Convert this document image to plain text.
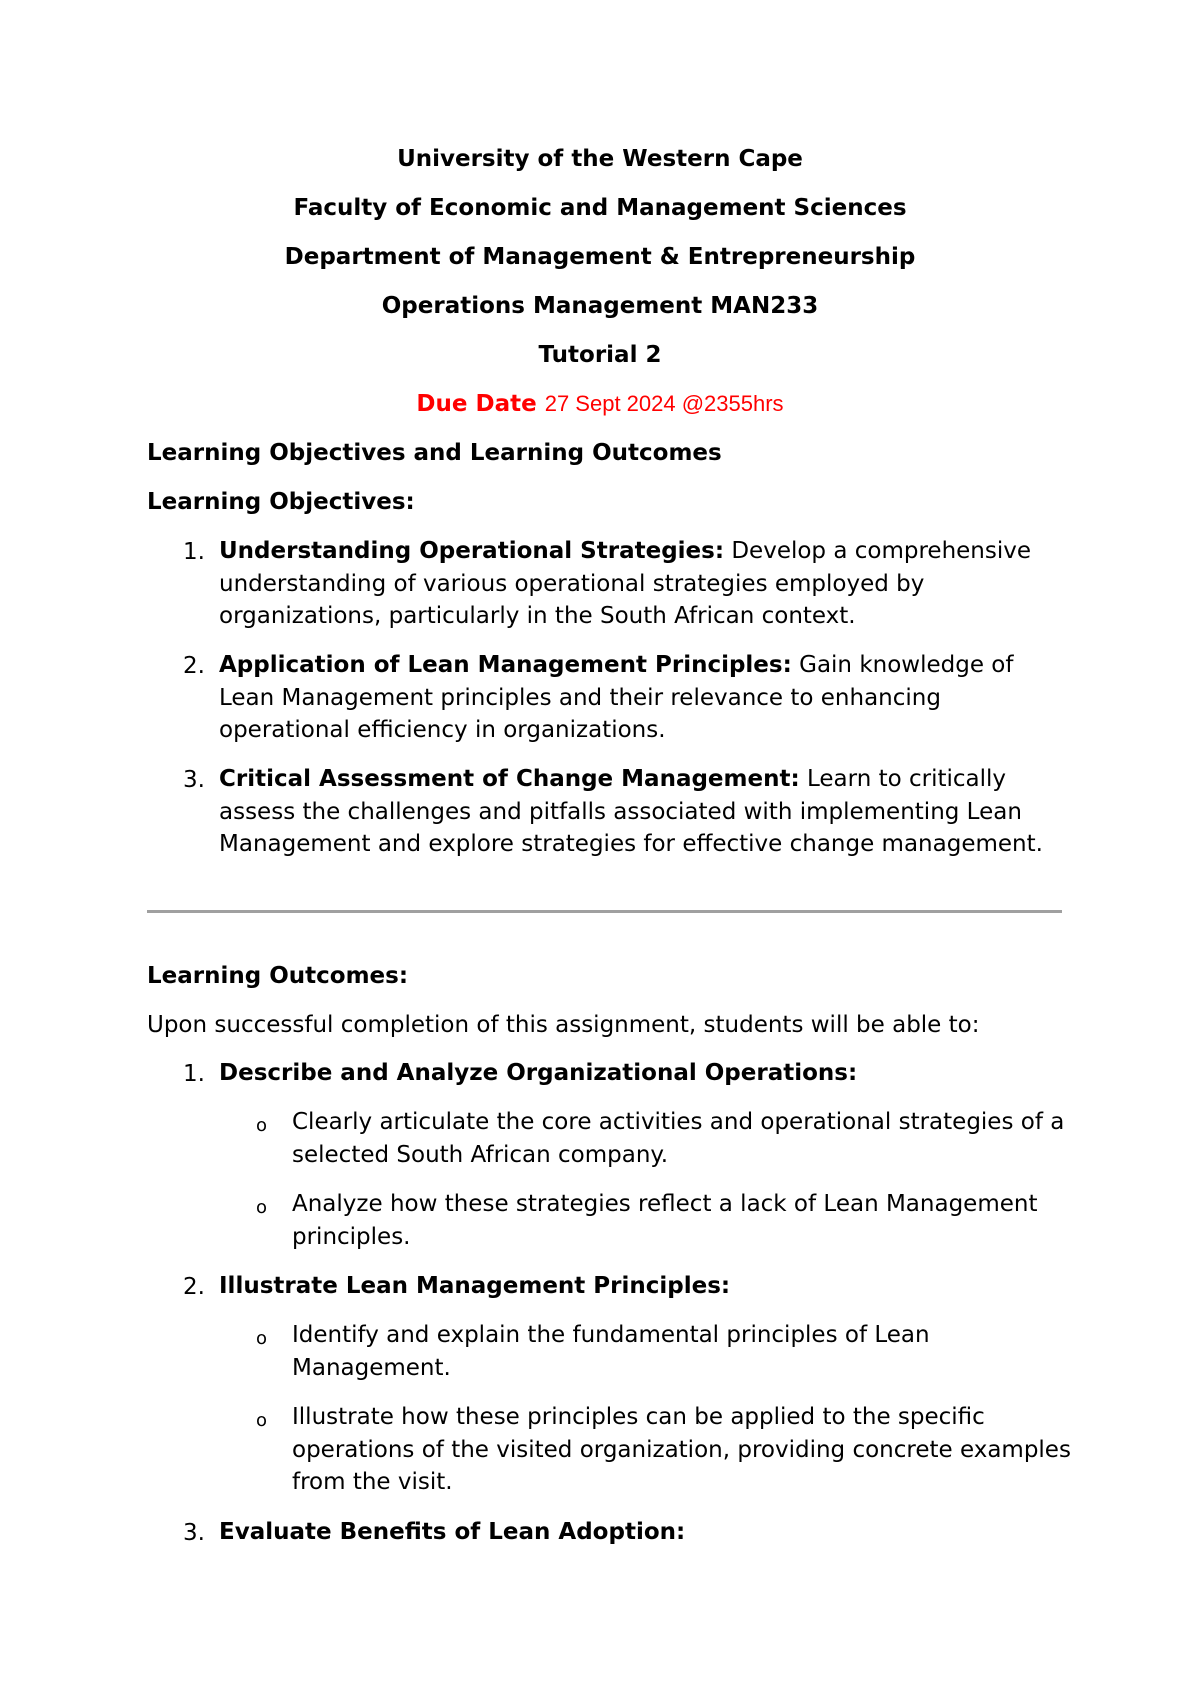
University of the Western Cape
Faculty of Economic and Management Sciences
Department of Management & Entrepreneurship
Operations Management MAN233
Tutorial 2
Due Date 27 Sept 2024 @2355hrs
Learning Objectives and Learning Outcomes
Learning Objectives:
1. Understanding Operational Strategies: Develop a comprehensive understanding of various operational strategies employed by organizations, particularly in the South African context.
2. Application of Lean Management Principles: Gain knowledge of Lean Management principles and their relevance to enhancing operational efficiency in organizations.
3. Critical Assessment of Change Management: Learn to critically assess the challenges and pitfalls associated with implementing Lean Management and explore strategies for effective change management.
Learning Outcomes:
Upon successful completion of this assignment, students will be able to:
1. Describe and Analyze Organizational Operations:
o Clearly articulate the core activities and operational strategies of a selected South African company.
o Analyze how these strategies reflect a lack of Lean Management principles.
2. Illustrate Lean Management Principles:
o Identify and explain the fundamental principles of Lean Management.
o Illustrate how these principles can be applied to the specific operations of the visited organization, providing concrete examples from the visit.
3. Evaluate Benefits of Lean Adoption:
